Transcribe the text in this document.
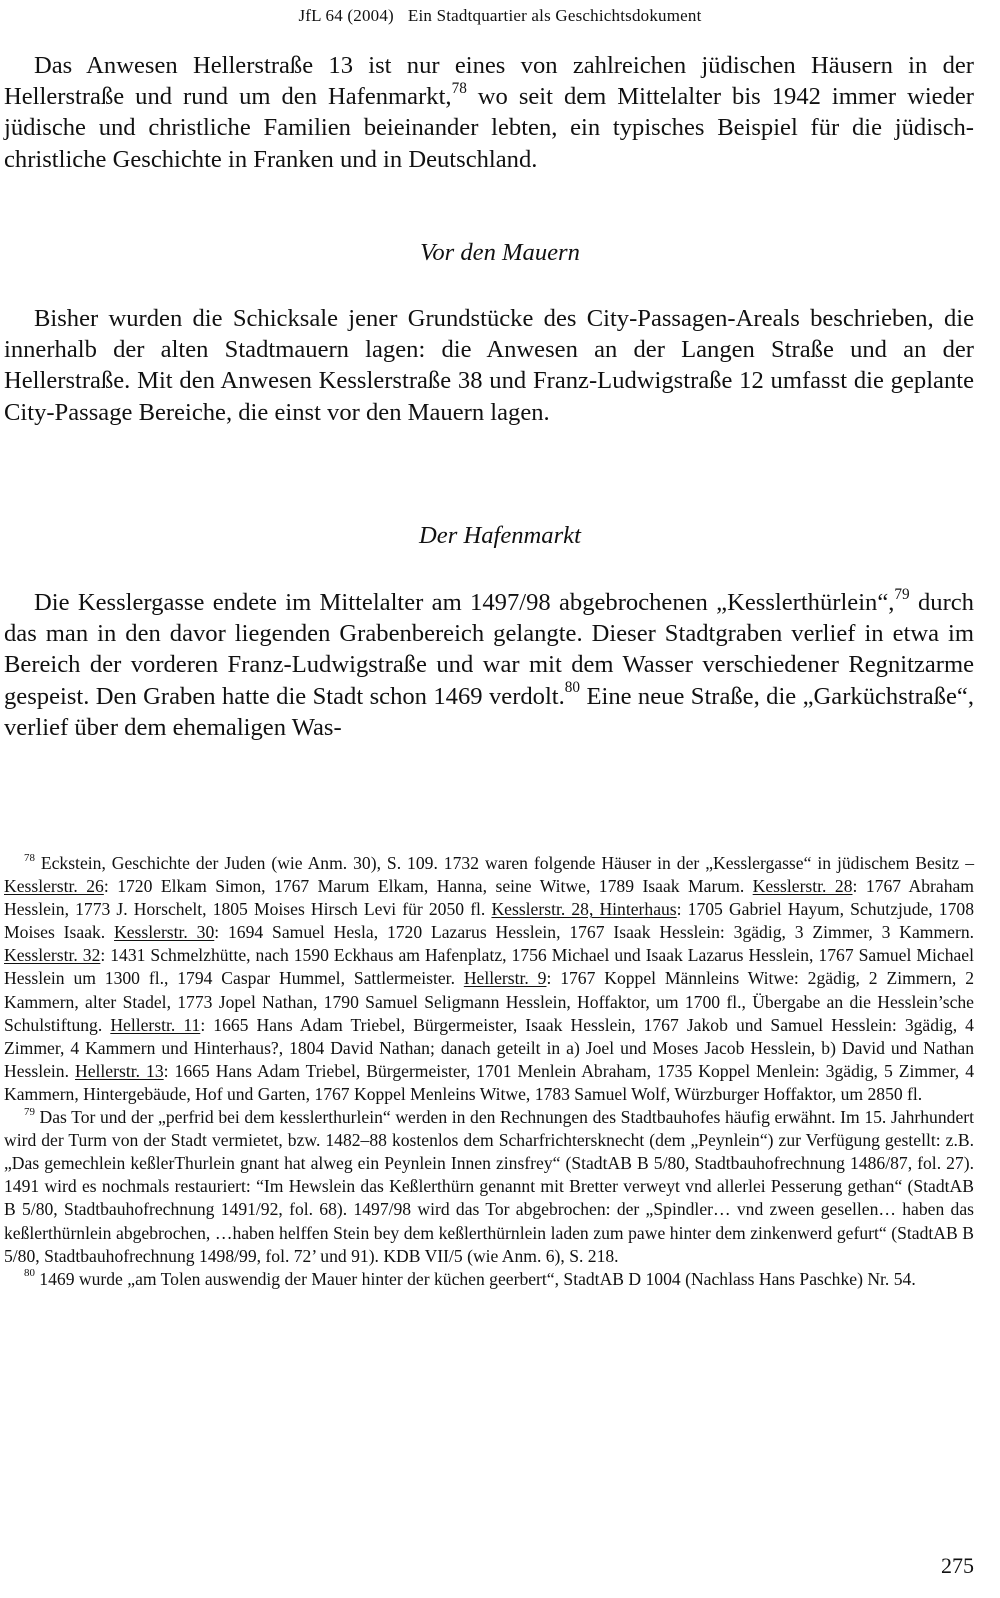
JfL 64 (2004) Ein Stadtquartier als Geschichtsdokument

Das Anwesen Hellerstraße 13 ist nur eines von zahlreichen jüdischen Häusern in der Hellerstraße und rund um den Hafenmarkt,$^{78}$ wo seit dem Mittelalter bis 1942 immer wieder jüdische und christliche Familien beieinander lebten, ein typisches Beispiel für die jüdisch-christliche Geschichte in Franken und in Deutschland.

Vor den Mauern

Bisher wurden die Schicksale jener Grundstücke des City-Passagen-Areals beschrieben, die innerhalb der alten Stadtmauern lagen: die Anwesen an der Langen Straße und an der Hellerstraße. Mit den Anwesen Kesslerstraße 38 und Franz-Ludwigstraße 12 umfasst die geplante City-Passage Bereiche, die einst vor den Mauern lagen.

Der Hafenmarkt

Die Kesslergasse endete im Mittelalter am 1497/98 abgebrochenen „Kesslerthürlein“,$^{79}$ durch das man in den davor liegenden Grabenbereich gelangte. Dieser Stadtgraben verlief in etwa im Bereich der vorderen Franz-Ludwigstraße und war mit dem Wasser verschiedener Regnitzarme gespeist. Den Graben hatte die Stadt schon 1469 verdolt.$^{80}$ Eine neue Straße, die „Garküchstraße“, verlief über dem ehemaligen Was-

$^{78}$ Eckstein, Geschichte der Juden (wie Anm. 30), S. 109. 1732 waren folgende Häuser in der „Kesslergasse“ in jüdischem Besitz – Kesslerstr. 26: 1720 Elkam Simon, 1767 Marum Elkam, Hanna, seine Witwe, 1789 Isaak Marum. Kesslerstr. 28: 1767 Abraham Hesslein, 1773 J. Horschelt, 1805 Moises Hirsch Levi für 2050 fl. Kesslerstr. 28, Hinterhaus: 1705 Gabriel Hayum, Schutzjude, 1708 Moises Isaak. Kesslerstr. 30: 1694 Samuel Hesla, 1720 Lazarus Hesslein, 1767 Isaak Hesslein: 3gädig, 3 Zimmer, 3 Kammern. Kesslerstr. 32: 1431 Schmelzhütte, nach 1590 Eckhaus am Hafenplatz, 1756 Michael und Isaak Lazarus Hesslein, 1767 Samuel Michael Hesslein um 1300 fl., 1794 Caspar Hummel, Sattlermeister. Hellerstr. 9: 1767 Koppel Männleins Witwe: 2gädig, 2 Zimmern, 2 Kammern, alter Stadel, 1773 Jopel Nathan, 1790 Samuel Seligmann Hesslein, Hoffaktor, um 1700 fl., Übergabe an die Hesslein’sche Schulstiftung. Hellerstr. 11: 1665 Hans Adam Triebel, Bürgermeister, Isaak Hesslein, 1767 Jakob und Samuel Hesslein: 3gädig, 4 Zimmer, 4 Kammern und Hinterhaus?, 1804 David Nathan; danach geteilt in a) Joel und Moses Jacob Hesslein, b) David und Nathan Hesslein. Hellerstr. 13: 1665 Hans Adam Triebel, Bürgermeister, 1701 Menlein Abraham, 1735 Koppel Menlein: 3gädig, 5 Zimmer, 4 Kammern, Hintergebäude, Hof und Garten, 1767 Koppel Menleins Witwe, 1783 Samuel Wolf, Würzburger Hoffaktor, um 2850 fl.

$^{79}$ Das Tor und der „perfrid bei dem kesslerthurlein“ werden in den Rechnungen des Stadtbauhofes häufig erwähnt. Im 15. Jahrhundert wird der Turm von der Stadt vermietet, bzw. 1482–88 kostenlos dem Scharfrichtersknecht (dem „Peynlein“) zur Verfügung gestellt: z.B. „Das gemechlein keßlerThurlein gnant hat alweg ein Peynlein Innen zinsfrey“ (StadtAB B 5/80, Stadtbauhofrechnung 1486/87, fol. 27). 1491 wird es nochmals restauriert: “Im Hewslein das Keßlerthürn genannt mit Bretter verweyt vnd allerlei Pesserung gethan“ (StadtAB B 5/80, Stadtbauhofrechnung 1491/92, fol. 68). 1497/98 wird das Tor abgebrochen: der „Spindler… vnd zween gesellen… haben das keßlerthürnlein abgebrochen, …haben helffen Stein bey dem keßlerthürnlein laden zum pawe hinter dem zinkenwerd gefurt“ (StadtAB B 5/80, Stadtbauhofrechnung 1498/99, fol. 72’ und 91). KDB VII/5 (wie Anm. 6), S. 218.

$^{80}$ 1469 wurde „am Tolen auswendig der Mauer hinter der küchen geerbert“, StadtAB D 1004 (Nachlass Hans Paschke) Nr. 54.

275
